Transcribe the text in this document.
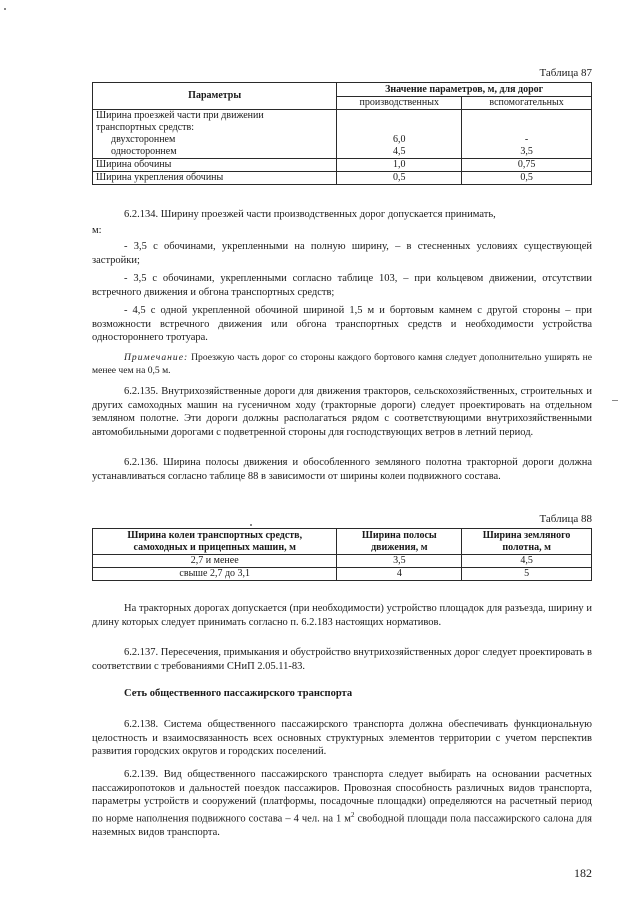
Таблица 87
Параметры	Значение параметров, м, для дорог	
	производственных	вспомогательных
Ширина проезжей части при движении		
транспортных средств:		
двухстороннем	6,0	-
одностороннем	4,5	3,5
Ширина обочины	1,0	0,75
Ширина укрепления обочины	0,5	0,5
6.2.134. Ширину проезжей части производственных дорог допускается принимать,
м:
- 3,5 с обочинами, укрепленными на полную ширину, – в стесненных условиях существующей застройки;
- 3,5 с обочинами, укрепленными согласно таблице 103, – при кольцевом движении, отсутствии встречного движения и обгона транспортных средств;
- 4,5 с одной укрепленной обочиной шириной 1,5 м и бортовым камнем с другой стороны – при возможности встречного движения или обгона транспортных средств и необходимости устройства одностороннего тротуара.
Примечание: Проезжую часть дорог со стороны каждого бортового камня следует дополнительно уширять не менее чем на 0,5 м.
6.2.135. Внутрихозяйственные дороги для движения тракторов, сельскохозяйственных, строительных и других самоходных машин на гусеничном ходу (тракторные дороги) следует проектировать на отдельном земляном полотне. Эти дороги должны располагаться рядом с соответствующими внутрихозяйственными автомобильными дорогами с подветренной стороны для господствующих ветров в летний период.
6.2.136. Ширина полосы движения и обособленного земляного полотна тракторной дороги должна устанавливаться согласно таблице 88 в зависимости от ширины колеи подвижного состава.
Таблица 88
Ширина колеи транспортных средств,
самоходных и прицепных машин, м	Ширина полосы
движения, м	Ширина земляного
полотна, м
2,7 и менее	3,5	4,5
свыше 2,7 до 3,1	4	5
На тракторных дорогах допускается (при необходимости) устройство площадок для разъезда, ширину и длину которых следует принимать согласно п. 6.2.183 настоящих нормативов.
6.2.137. Пересечения, примыкания и обустройство внутрихозяйственных дорог следует проектировать в соответствии с требованиями СНиП 2.05.11-83.
Сеть общественного пассажирского транспорта
6.2.138. Система общественного пассажирского транспорта должна обеспечивать функциональную целостность и взаимосвязанность всех основных структурных элементов территории с учетом перспектив развития городских округов и городских поселений.
6.2.139. Вид общественного пассажирского транспорта следует выбирать на основании расчетных пассажиропотоков и дальностей поездок пассажиров. Провозная способность различных видов транспорта, параметры устройств и сооружений (платформы, посадочные площадки) определяются на расчетный период по норме наполнения подвижного состава – 4 чел. на 1 $м^2$ свободной площади пола пассажирского салона для наземных видов транспорта.
182
